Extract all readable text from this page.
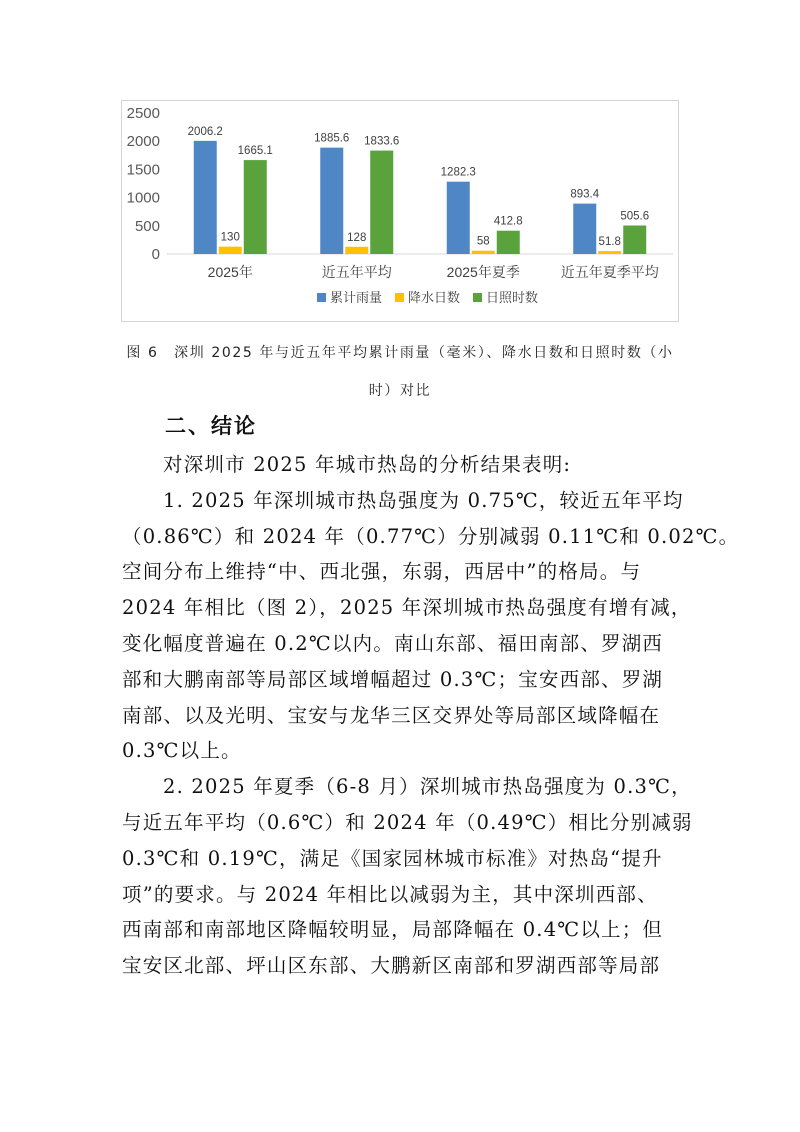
0
500
1000
1500
2000
2500
2006.2
130
1665.1
2025年
1885.6
128
1833.6
近五年平均
1282.3
58
412.8
2025年夏季
893.4
51.8
505.6
近五年夏季平均
累计雨量 降水日数 日照时数
图 6　深圳 2025 年与近五年平均累计雨量（毫米）、降水日数和日照时数（小
时）对比
二、结论
对深圳市 2025 年城市热岛的分析结果表明:
1. 2025 年深圳城市热岛强度为 0.75℃，较近五年平均
（0.86℃）和 2024 年（0.77℃）分别减弱 0.11℃和 0.02℃。
空间分布上维持“中、西北强，东弱，西居中”的格局。与
2024 年相比（图 2），2025 年深圳城市热岛强度有增有减，
变化幅度普遍在 0.2℃以内。南山东部、福田南部、罗湖西
部和大鹏南部等局部区域增幅超过 0.3℃；宝安西部、罗湖
南部、以及光明、宝安与龙华三区交界处等局部区域降幅在
0.3℃以上。
2. 2025 年夏季（6-8 月）深圳城市热岛强度为 0.3℃，
与近五年平均（0.6℃）和 2024 年（0.49℃）相比分别减弱
0.3℃和 0.19℃，满足《国家园林城市标准》对热岛“提升
项”的要求。与 2024 年相比以减弱为主，其中深圳西部、
西南部和南部地区降幅较明显，局部降幅在 0.4℃以上；但
宝安区北部、坪山区东部、大鹏新区南部和罗湖西部等局部
